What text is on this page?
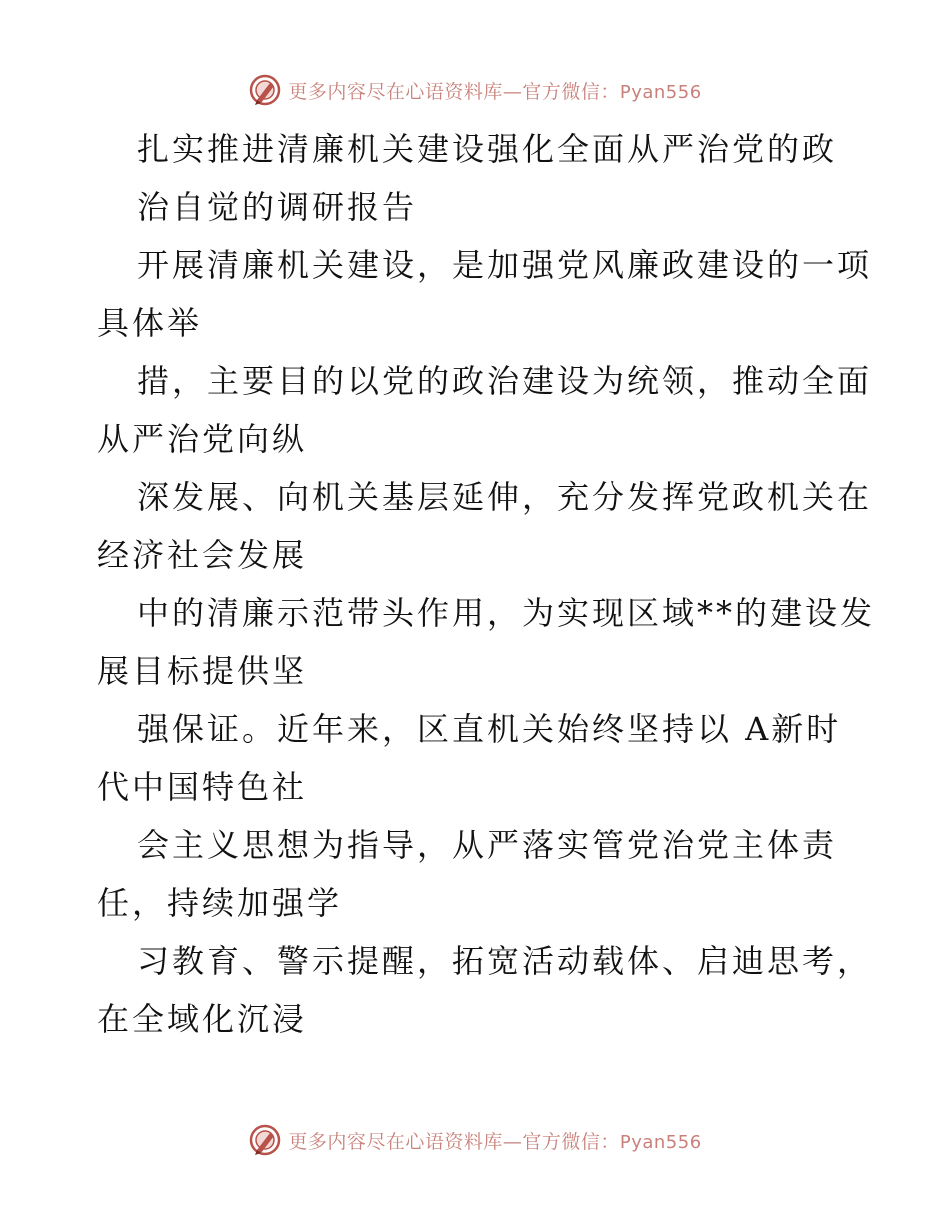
更多内容尽在心语资料库—官方微信：Pyan556
扎实推进清廉机关建设强化全面从严治党的政
治自觉的调研报告
开展清廉机关建设，是加强党风廉政建设的一项
具体举
措，主要目的以党的政治建设为统领，推动全面
从严治党向纵
深发展、向机关基层延伸，充分发挥党政机关在
经济社会发展
中的清廉示范带头作用，为实现区域**的建设发
展目标提供坚
强保证。近年来，区直机关始终坚持以 A新时
代中国特色社
会主义思想为指导，从严落实管党治党主体责
任，持续加强学
习教育、警示提醒，拓宽活动载体、启迪思考，
在全域化沉浸
更多内容尽在心语资料库—官方微信：Pyan556
